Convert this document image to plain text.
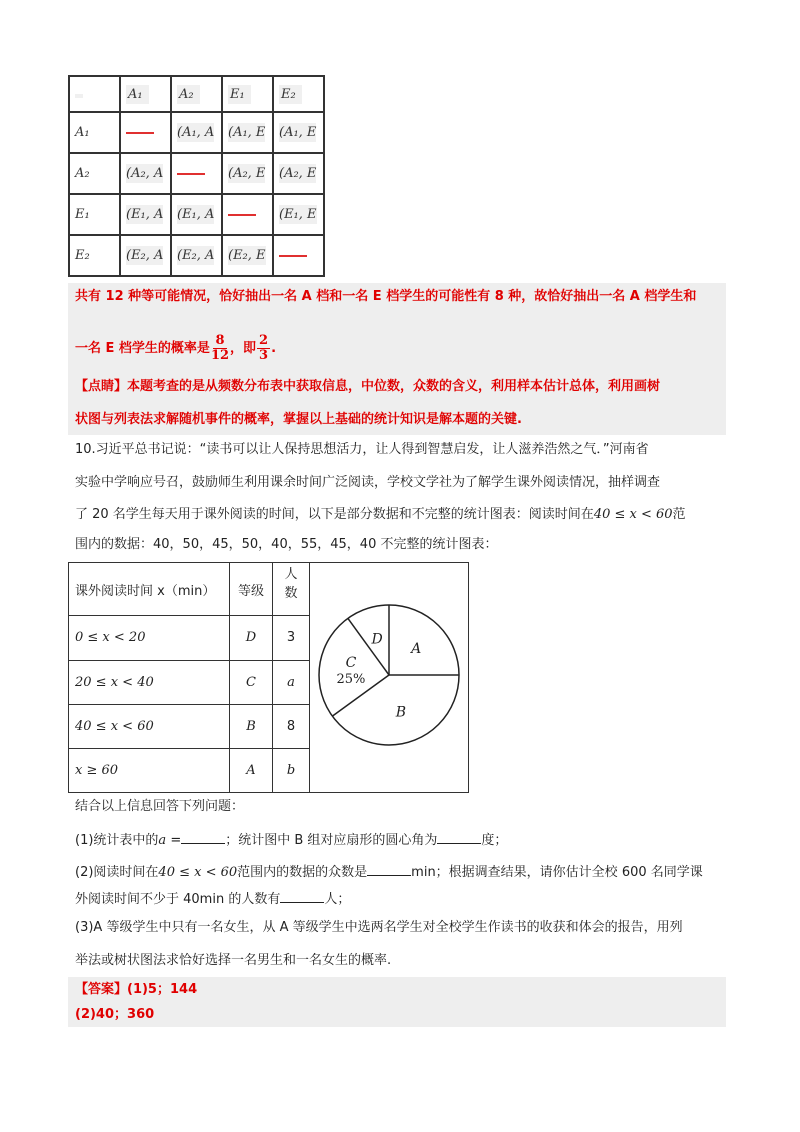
	A₁	A₂	E₁	E₂
A₁		(A₁, A	(A₁, E	(A₁, E
A₂	(A₂, A		(A₂, E	(A₂, E
E₁	(E₁, A	(E₁, A		(E₁, E
E₂	(E₂, A	(E₂, A	(E₂, E	
共有 12 种等可能情况，恰好抽出一名 A 档和一名 E 档学生的可能性有 8 种，故恰好抽出一名 A 档学生和
一名 E 档学生的概率是 $\frac{8}{12}$ ，即 $\frac{2}{3}$ .
【点睛】本题考查的是从频数分布表中获取信息，中位数，众数的含义，利用样本估计总体，利用画树
状图与列表法求解随机事件的概率，掌握以上基础的统计知识是解本题的关键.
10.习近平总书记说：“读书可以让人保持思想活力，让人得到智慧启发，让人滋养浩然之气．”河南省
实验中学响应号召，鼓励师生利用课余时间广泛阅读，学校文学社为了解学生课外阅读情况，抽样调查
了 20 名学生每天用于课外阅读的时间，以下是部分数据和不完整的统计图表：阅读时间在40 ≤ x < 60范
围内的数据：40，50，45，50，40，55，45，40 不完整的统计图表：
课外阅读时间 x（min）	等级	人数	A
B
C
25%
D

0 ≤ x < 20	D	3	
20 ≤ x < 40	C	a	
40 ≤ x < 60	B	8	
x ≥ 60	A	b	
结合以上信息回答下列问题：
(1)统计表中的a =	；统计图中 B 组对应扇形的圆心角为	度；
(2)阅读时间在40 ≤ x < 60范围内的数据的众数是	min；根据调查结果，请你估计全校 600 名同学课
外阅读时间不少于 40min 的人数有	人；
(3)A 等级学生中只有一名女生，从 A 等级学生中选两名学生对全校学生作读书的收获和体会的报告，用列
举法或树状图法求恰好选择一名男生和一名女生的概率.
【答案】(1)5；144
(2)40；360
